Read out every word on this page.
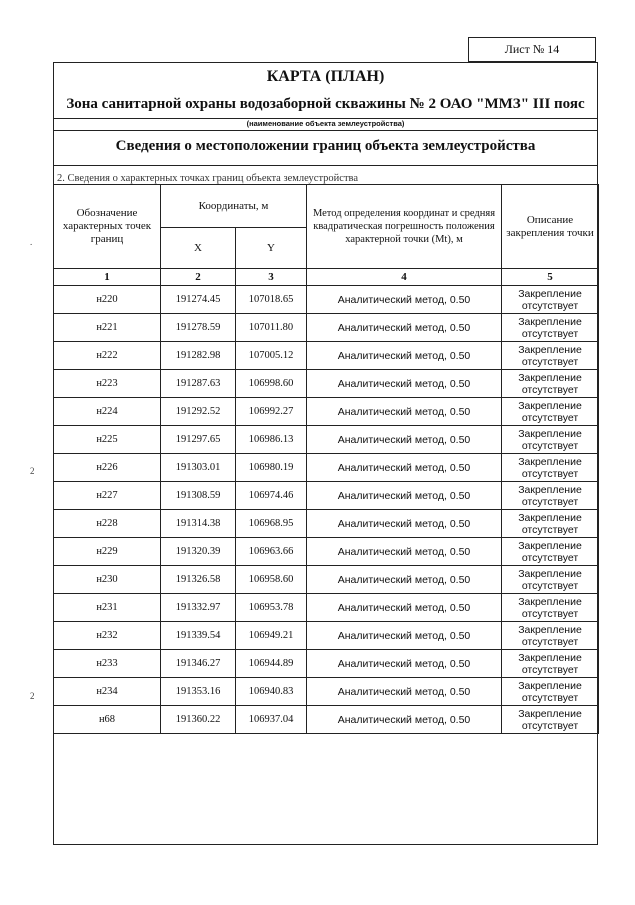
Лист № 14
КАРТА (ПЛАН)
Зона санитарной охраны водозаборной скважины № 2 ОАО "ММЗ" III пояс
(наименование объекта землеустройства)
Сведения о местоположении границ объекта землеустройства
2. Сведения о характерных точках границ объекта землеустройства
.
2
2
Обозначение характерных точек границ	Координаты, м		Метод определения координат и средняя квадратическая погрешность положения характерной точки (Mt), м	Описание закрепления точки
	X	Y		
1	2	3	4	5
н220	191274.45	107018.65	Аналитический метод, 0.50	Закрепление отсутствует
н221	191278.59	107011.80	Аналитический метод, 0.50	Закрепление отсутствует
н222	191282.98	107005.12	Аналитический метод, 0.50	Закрепление отсутствует
н223	191287.63	106998.60	Аналитический метод, 0.50	Закрепление отсутствует
н224	191292.52	106992.27	Аналитический метод, 0.50	Закрепление отсутствует
н225	191297.65	106986.13	Аналитический метод, 0.50	Закрепление отсутствует
н226	191303.01	106980.19	Аналитический метод, 0.50	Закрепление отсутствует
н227	191308.59	106974.46	Аналитический метод, 0.50	Закрепление отсутствует
н228	191314.38	106968.95	Аналитический метод, 0.50	Закрепление отсутствует
н229	191320.39	106963.66	Аналитический метод, 0.50	Закрепление отсутствует
н230	191326.58	106958.60	Аналитический метод, 0.50	Закрепление отсутствует
н231	191332.97	106953.78	Аналитический метод, 0.50	Закрепление отсутствует
н232	191339.54	106949.21	Аналитический метод, 0.50	Закрепление отсутствует
н233	191346.27	106944.89	Аналитический метод, 0.50	Закрепление отсутствует
н234	191353.16	106940.83	Аналитический метод, 0.50	Закрепление отсутствует
н68	191360.22	106937.04	Аналитический метод, 0.50	Закрепление отсутствует
